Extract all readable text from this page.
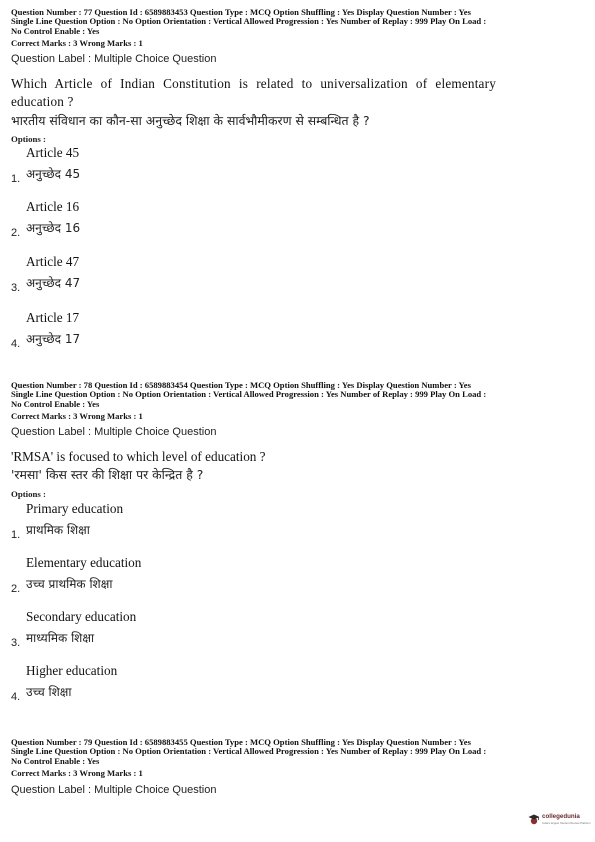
Question Number : 77 Question Id : 6589883453 Question Type : MCQ Option Shuffling : Yes Display Question Number : Yes
Single Line Question Option : No Option Orientation : Vertical Allowed Progression : Yes Number of Replay : 999 Play On Load :
No Control Enable : Yes
Correct Marks : 3 Wrong Marks : 1
Question Label : Multiple Choice Question
Which Article of Indian Constitution is related to universalization of elementary education ?
भारतीय संविधान का कौन-सा अनुच्छेद शिक्षा के सार्वभौमीकरण से सम्बन्धित है ?
Options :
Article 45
1. अनुच्छेद 45
Article 16
2. अनुच्छेद 16
Article 47
3. अनुच्छेद 47
Article 17
4. अनुच्छेद 17
Question Number : 78 Question Id : 6589883454 Question Type : MCQ Option Shuffling : Yes Display Question Number : Yes
Single Line Question Option : No Option Orientation : Vertical Allowed Progression : Yes Number of Replay : 999 Play On Load :
No Control Enable : Yes
Correct Marks : 3 Wrong Marks : 1
Question Label : Multiple Choice Question
'RMSA' is focused to which level of education ?
'रमसा' किस स्तर की शिक्षा पर केन्द्रित है ?
Options :
Primary education
1. प्राथमिक शिक्षा
Elementary education
2. उच्च प्राथमिक शिक्षा
Secondary education
3. माध्यमिक शिक्षा
Higher education
4. उच्च शिक्षा
Question Number : 79 Question Id : 6589883455 Question Type : MCQ Option Shuffling : Yes Display Question Number : Yes
Single Line Question Option : No Option Orientation : Vertical Allowed Progression : Yes Number of Replay : 999 Play On Load :
No Control Enable : Yes
Correct Marks : 3 Wrong Marks : 1
Question Label : Multiple Choice Question
collegedunia
India's largest Student Review Platform
